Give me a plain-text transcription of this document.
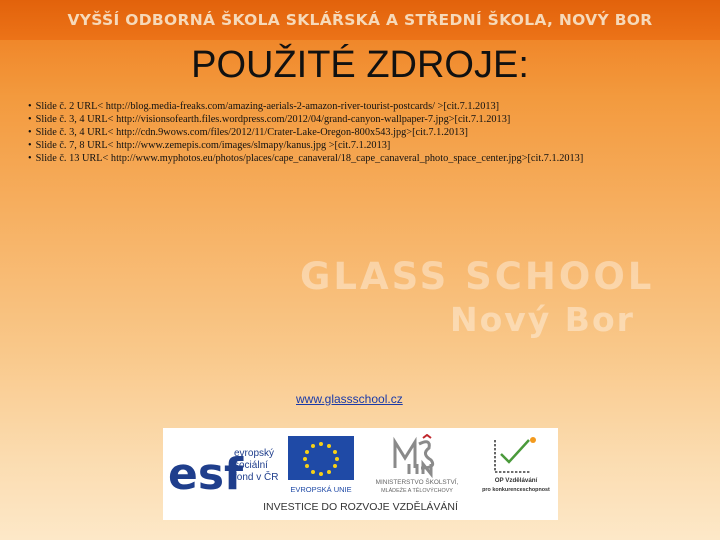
VYŠŠÍ ODBORNÁ ŠKOLA SKLÁŘSKÁ A STŘEDNÍ ŠKOLA, NOVÝ BOR
POUŽITÉ ZDROJE:
• Slide č. 2 URL< http://blog.media-freaks.com/amazing-aerials-2-amazon-river-tourist-postcards/ >[cit.7.1.2013]
• Slide č. 3, 4 URL< http://visionsofearth.files.wordpress.com/2012/04/grand-canyon-wallpaper-7.jpg>[cit.7.1.2013]
• Slide č. 3, 4 URL< http://cdn.9wows.com/files/2012/11/Crater-Lake-Oregon-800x543.jpg>[cit.7.1.2013]
• Slide č. 7, 8 URL< http://www.zemepis.com/images/slmapy/kanus.jpg >[cit.7.1.2013]
• Slide č. 13 URL< http://www.myphotos.eu/photos/places/cape_canaveral/18_cape_canaveral_photo_space_center.jpg>[cit.7.1.2013]
GLASS SCHOOL
Nový Bor
www.glassschool.cz
esf
evropský
sociální
fond v ČR
EVROPSKÁ UNIE
MINISTERSTVO ŠKOLSTVÍ,
MLÁDEŽE A TĚLOVÝCHOVY
OP Vzdělávání
pro konkurenceschopnost
INVESTICE DO ROZVOJE VZDĚLÁVÁNÍ
